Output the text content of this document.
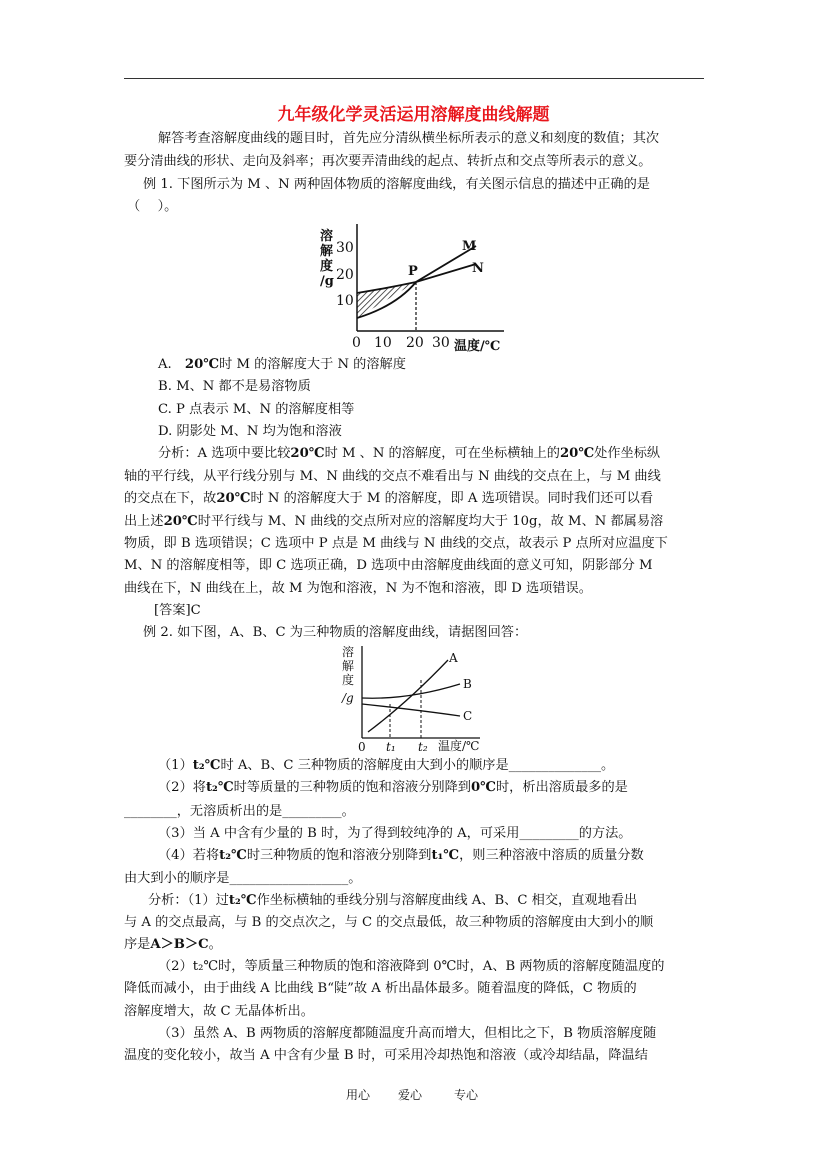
九年级化学灵活运用溶解度曲线解题
解答考查溶解度曲线的题目时，首先应分清纵横坐标所表示的意义和刻度的数值；其次
要分清曲线的形状、走向及斜率；再次要弄清曲线的起点、转折点和交点等所表示的意义。
例 1. 下图所示为 M 、N 两种固体物质的溶解度曲线，有关图示信息的描述中正确的是
（　 ）。
溶
解
度
/g
30
20
10
M
N
P
0 10 20 30 温度/℃
A.　20℃时 M 的溶解度大于 N 的溶解度
B. M、N 都不是易溶物质
C. P 点表示 M、N 的溶解度相等
D. 阴影处 M、N 均为饱和溶液
分析：A 选项中要比较20℃时 M 、N 的溶解度，可在坐标横轴上的20℃处作坐标纵
轴的平行线，从平行线分别与 M、N 曲线的交点不难看出与 N 曲线的交点在上，与 M 曲线
的交点在下，故20℃时 N 的溶解度大于 M 的溶解度，即 A 选项错误。同时我们还可以看
出上述20℃时平行线与 M、N 曲线的交点所对应的溶解度均大于 10g，故 M、N 都属易溶
物质，即 B 选项错误；C 选项中 P 点是 M 曲线与 N 曲线的交点，故表示 P 点所对应温度下
M、N 的溶解度相等，即 C 选项正确，D 选项中由溶解度曲线面的意义可知，阴影部分 M
曲线在下，N 曲线在上，故 M 为饱和溶液，N 为不饱和溶液，即 D 选项错误。
[答案]C
例 2. 如下图，A、B、C 为三种物质的溶解度曲线，请据图回答：
溶
解
度
/g
A
B
C
0 t₁ t₂ 温度/℃
（1）t₂℃时 A、B、C 三种物质的溶解度由大到小的顺序是______________。
（2）将t₂℃时等质量的三种物质的饱和溶液分别降到0℃时，析出溶质最多的是
________，无溶质析出的是_________。
（3）当 A 中含有少量的 B 时，为了得到较纯净的 A，可采用_________的方法。
（4）若将t₂℃时三种物质的饱和溶液分别降到t₁℃，则三种溶液中溶质的质量分数
由大到小的顺序是__________________。
分析：（1）过t₂℃作坐标横轴的垂线分别与溶解度曲线 A、B、C 相交，直观地看出
与 A 的交点最高，与 B 的交点次之，与 C 的交点最低，故三种物质的溶解度由大到小的顺
序是A＞B＞C。
（2）t₂℃时，等质量三种物质的饱和溶液降到 0℃时，A、B 两物质的溶解度随温度的
降低而减小，由于曲线 A 比曲线 B“陡”故 A 析出晶体最多。随着温度的降低，C 物质的
溶解度增大，故 C 无晶体析出。
（3）虽然 A、B 两物质的溶解度都随温度升高而增大，但相比之下，B 物质溶解度随
温度的变化较小，故当 A 中含有少量 B 时，可采用冷却热饱和溶液（或冷却结晶，降温结
用心 爱心	专心
